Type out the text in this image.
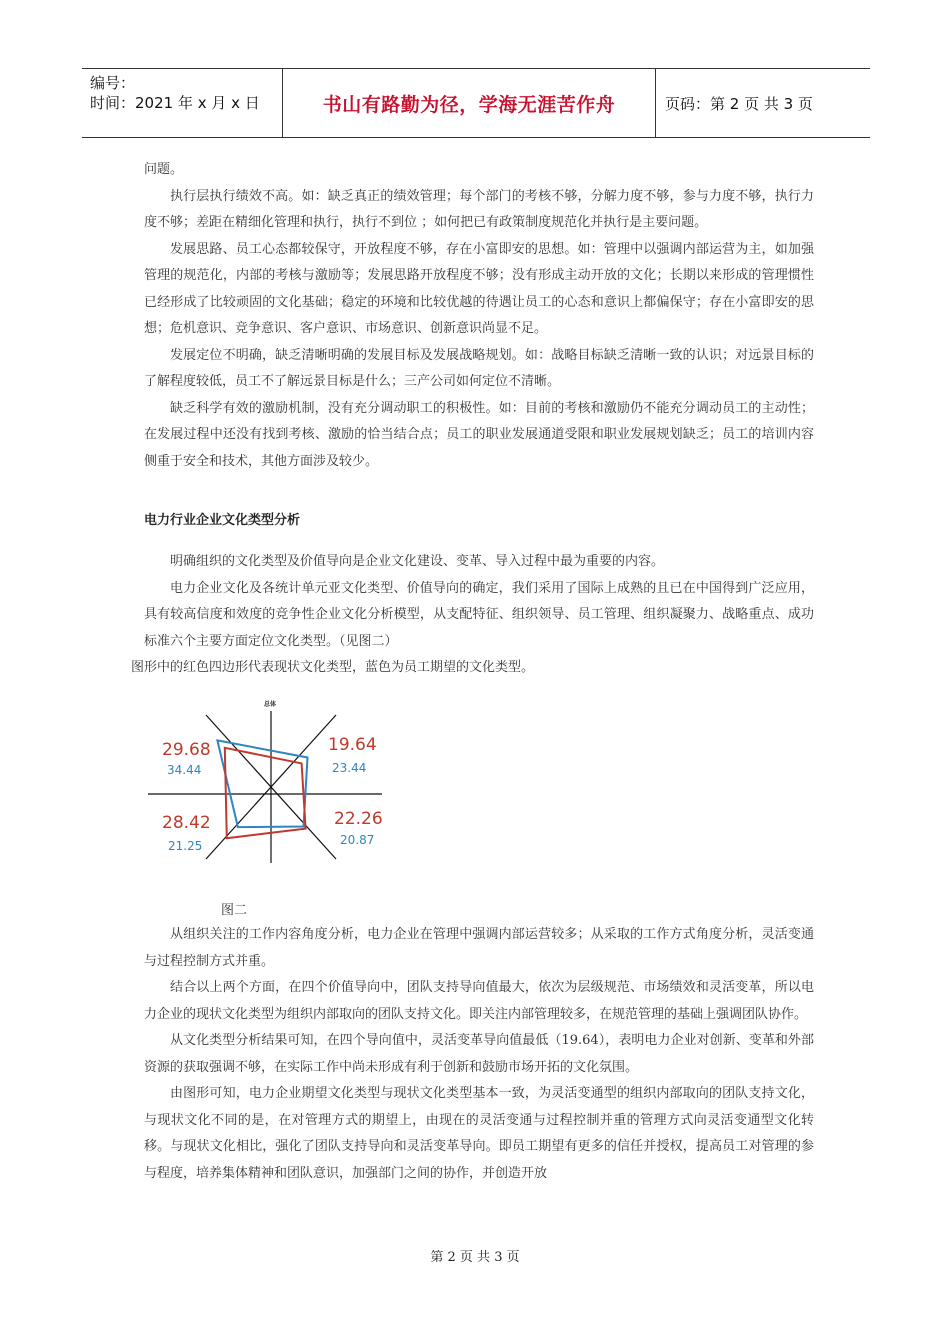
编号：
时间：2021 年 x 月 x 日	书山有路勤为径，学海无涯苦作舟	页码：第 2 页 共 3 页

问题。

执行层执行绩效不高。如：缺乏真正的绩效管理；每个部门的考核不够，分解力度不够，参与力度不够，执行力度不够；差距在精细化管理和执行，执行不到位 ；如何把已有政策制度规范化并执行是主要问题。

发展思路、员工心态都较保守，开放程度不够，存在小富即安的思想。如：管理中以强调内部运营为主，如加强管理的规范化，内部的考核与激励等；发展思路开放程度不够；没有形成主动开放的文化；长期以来形成的管理惯性已经形成了比较顽固的文化基础；稳定的环境和比较优越的待遇让员工的心态和意识上都偏保守；存在小富即安的思想；危机意识、竞争意识、客户意识、市场意识、创新意识尚显不足。

发展定位不明确，缺乏清晰明确的发展目标及发展战略规划。如：战略目标缺乏清晰一致的认识；对远景目标的了解程度较低，员工不了解远景目标是什么；三产公司如何定位不清晰。

缺乏科学有效的激励机制，没有充分调动职工的积极性。如：目前的考核和激励仍不能充分调动员工的主动性；在发展过程中还没有找到考核、激励的恰当结合点；员工的职业发展通道受限和职业发展规划缺乏；员工的培训内容侧重于安全和技术，其他方面涉及较少。

电力行业企业文化类型分析

明确组织的文化类型及价值导向是企业文化建设、变革、导入过程中最为重要的内容。

电力企业文化及各统计单元亚文化类型、价值导向的确定，我们采用了国际上成熟的且已在中国得到广泛应用，具有较高信度和效度的竞争性企业文化分析模型，从支配特征、组织领导、员工管理、组织凝聚力、战略重点、成功标准六个主要方面定位文化类型。（见图二）

图形中的红色四边形代表现状文化类型，蓝色为员工期望的文化类型。

总体
29.68
34.44
19.64
23.44
22.26
20.87
28.42
21.25
图二

从组织关注的工作内容角度分析，电力企业在管理中强调内部运营较多；从采取的工作方式角度分析，灵活变通与过程控制方式并重。

结合以上两个方面，在四个价值导向中，团队支持导向值最大，依次为层级规范、市场绩效和灵活变革，所以电力企业的现状文化类型为组织内部取向的团队支持文化。即关注内部管理较多，在规范管理的基础上强调团队协作。

从文化类型分析结果可知，在四个导向值中，灵活变革导向值最低（19.64），表明电力企业对创新、变革和外部资源的获取强调不够，在实际工作中尚未形成有利于创新和鼓励市场开拓的文化氛围。

由图形可知，电力企业期望文化类型与现状文化类型基本一致，为灵活变通型的组织内部取向的团队支持文化，与现状文化不同的是，在对管理方式的期望上，由现在的灵活变通与过程控制并重的管理方式向灵活变通型文化转移。与现状文化相比，强化了团队支持导向和灵活变革导向。即员工期望有更多的信任并授权，提高员工对管理的参与程度，培养集体精神和团队意识，加强部门之间的协作，并创造开放

第 2 页 共 3 页
